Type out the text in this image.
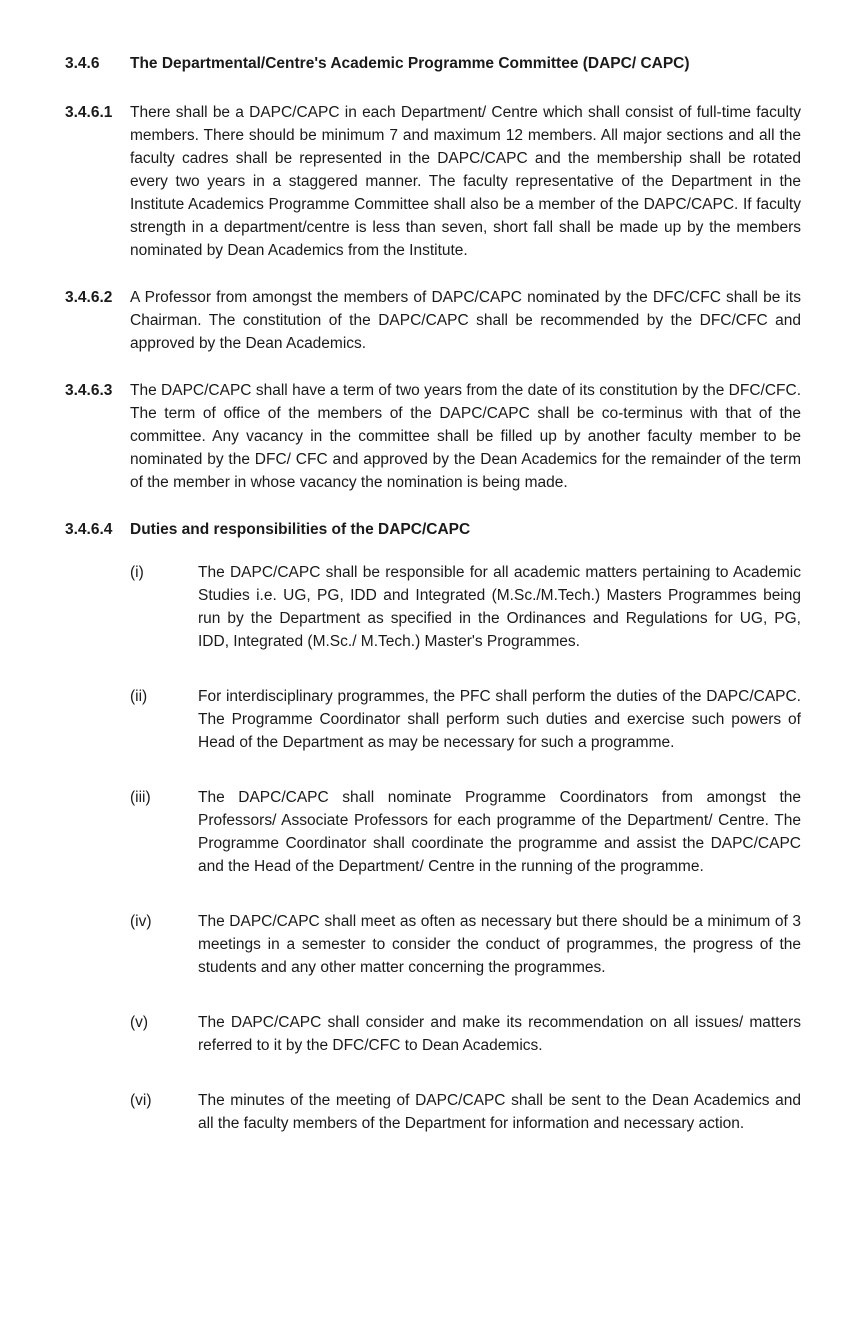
3.4.6	The Departmental/Centre's Academic Programme Committee (DAPC/ CAPC)
3.4.6.1	There shall be a DAPC/CAPC in each Department/ Centre which shall consist of full-time faculty members. There should be minimum 7 and maximum 12 members. All major sections and all the faculty cadres shall be represented in the DAPC/CAPC and the membership shall be rotated every two years in a staggered manner. The faculty representative of the Department in the Institute Academics Programme Committee shall also be a member of the DAPC/CAPC. If faculty strength in a department/centre is less than seven, short fall shall be made up by the members nominated by Dean Academics from the Institute.
3.4.6.2	A Professor from amongst the members of DAPC/CAPC nominated by the DFC/CFC shall be its Chairman. The constitution of the DAPC/CAPC shall be recommended by the DFC/CFC and approved by the Dean Academics.
3.4.6.3	The DAPC/CAPC shall have a term of two years from the date of its constitution by the DFC/CFC. The term of office of the members of the DAPC/CAPC shall be co-terminus with that of the committee. Any vacancy in the committee shall be filled up by another faculty member to be nominated by the DFC/ CFC and approved by the Dean Academics for the remainder of the term of the member in whose vacancy the nomination is being made.
3.4.6.4	Duties and responsibilities of the DAPC/CAPC
(i)	The DAPC/CAPC shall be responsible for all academic matters pertaining to Academic Studies i.e. UG, PG, IDD and Integrated (M.Sc./M.Tech.) Masters Programmes being run by the Department as specified in the Ordinances and Regulations for UG, PG, IDD, Integrated (M.Sc./ M.Tech.) Master's Programmes.
(ii)	For interdisciplinary programmes, the PFC shall perform the duties of the DAPC/CAPC. The Programme Coordinator shall perform such duties and exercise such powers of Head of the Department as may be necessary for such a programme.
(iii)	The DAPC/CAPC shall nominate Programme Coordinators from amongst the Professors/ Associate Professors for each programme of the Department/ Centre. The Programme Coordinator shall coordinate the programme and assist the DAPC/CAPC and the Head of the Department/ Centre in the running of the programme.
(iv)	The DAPC/CAPC shall meet as often as necessary but there should be a minimum of 3 meetings in a semester to consider the conduct of programmes, the progress of the students and any other matter concerning the programmes.
(v)	The DAPC/CAPC shall consider and make its recommendation on all issues/ matters referred to it by the DFC/CFC to Dean Academics.
(vi)	The minutes of the meeting of DAPC/CAPC shall be sent to the Dean Academics and all the faculty members of the Department for information and necessary action.
